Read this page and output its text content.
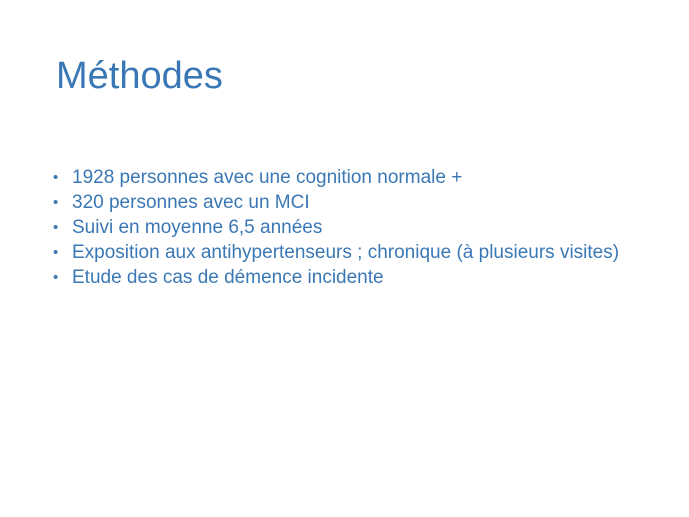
Méthodes
• 1928 personnes avec une cognition normale +
• 320 personnes avec un MCI
• Suivi en moyenne 6,5 années
• Exposition aux antihypertenseurs ; chronique (à plusieurs visites)
• Etude des cas de démence incidente
